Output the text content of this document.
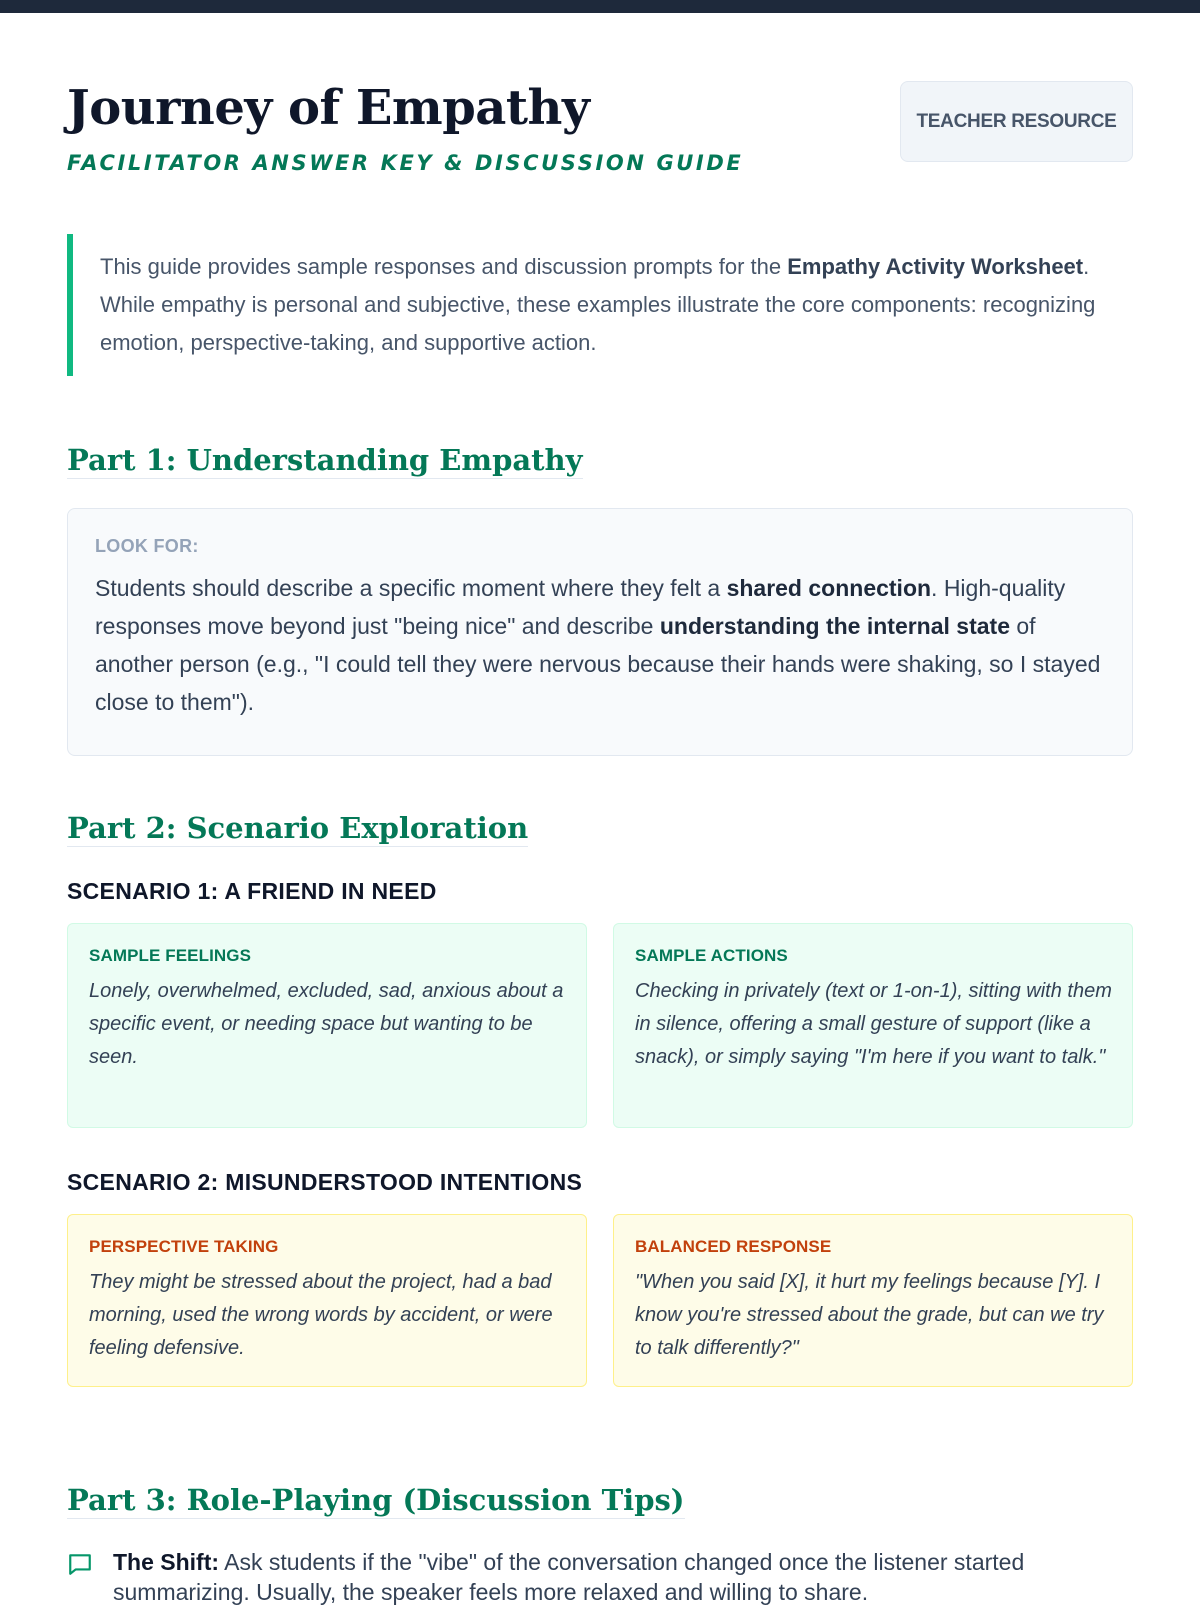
Journey of Empathy
FACILITATOR ANSWER KEY & DISCUSSION GUIDE
TEACHER RESOURCE

This guide provides sample responses and discussion prompts for the Empathy Activity Worksheet. While empathy is personal and subjective, these examples illustrate the core components: recognizing emotion, perspective-taking, and supportive action.

Part 1: Understanding Empathy

LOOK FOR:

Students should describe a specific moment where they felt a shared connection. High-quality responses move beyond just "being nice" and describe understanding the internal state of another person (e.g., "I could tell they were nervous because their hands were shaking, so I stayed close to them").

Part 2: Scenario Exploration
SCENARIO 1: A FRIEND IN NEED

SAMPLE FEELINGS

Lonely, overwhelmed, excluded, sad, anxious about a specific event, or needing space but wanting to be seen.

SAMPLE ACTIONS

Checking in privately (text or 1-on-1), sitting with them in silence, offering a small gesture of support (like a snack), or simply saying "I'm here if you want to talk."

SCENARIO 2: MISUNDERSTOOD INTENTIONS

PERSPECTIVE TAKING

They might be stressed about the project, had a bad morning, used the wrong words by accident, or were feeling defensive.

BALANCED RESPONSE

"When you said [X], it hurt my feelings because [Y]. I know you're stressed about the grade, but can we try to talk differently?"

Part 3: Role-Playing (Discussion Tips)

The Shift: Ask students if the "vibe" of the conversation changed once the listener started summarizing. Usually, the speaker feels more relaxed and willing to share.
